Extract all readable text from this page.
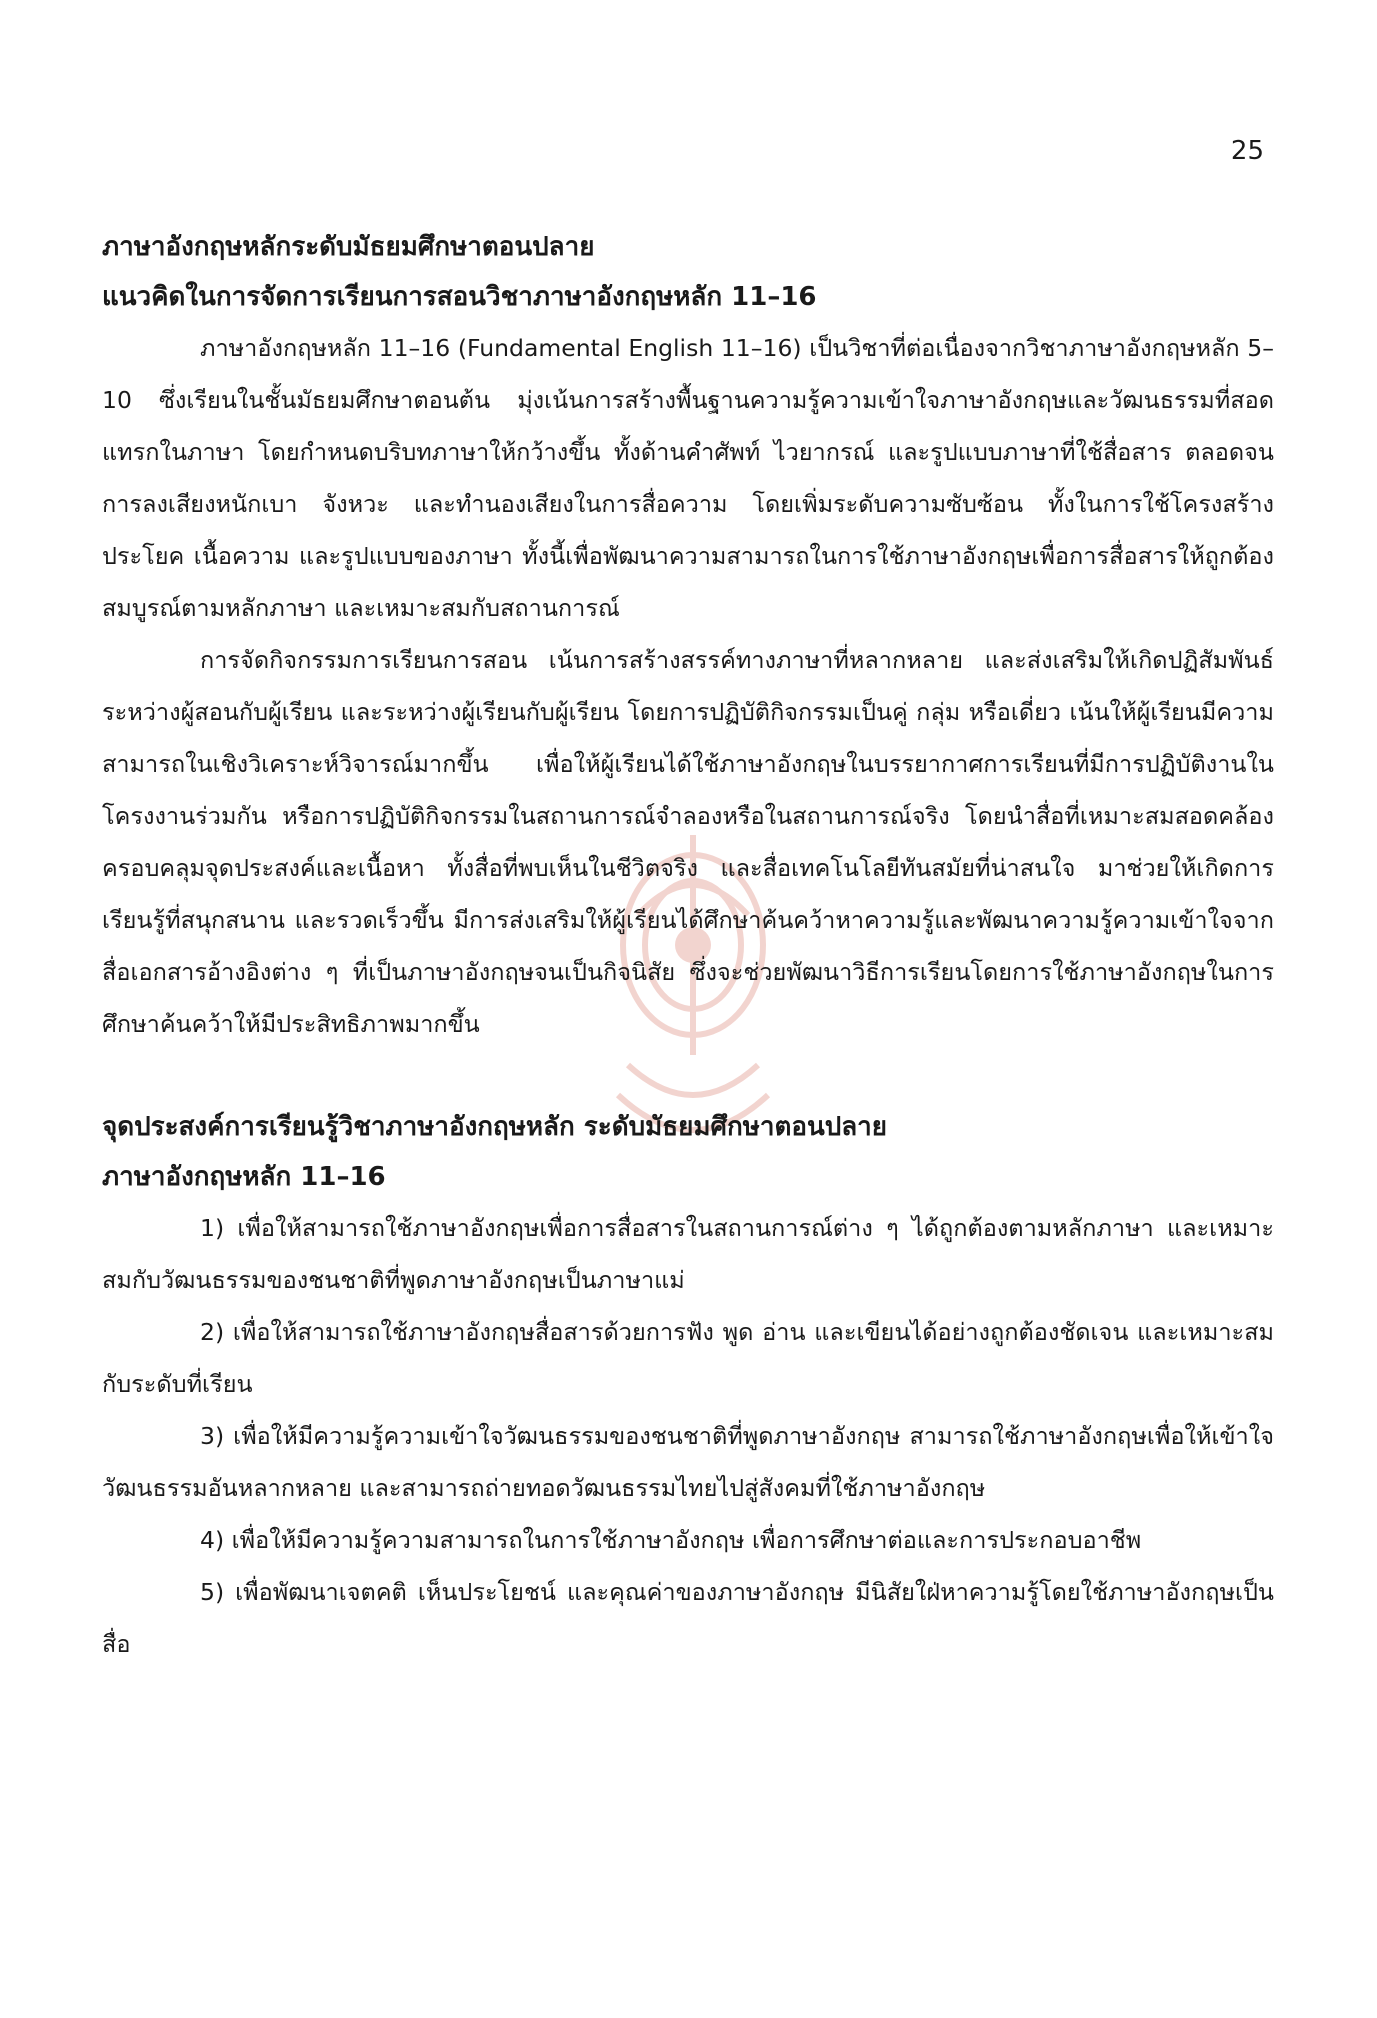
25

ภาษาอังกฤษหลักระดับมัธยมศึกษาตอนปลาย

แนวคิดในการจัดการเรียนการสอนวิชาภาษาอังกฤษหลัก 11–16

ภาษาอังกฤษหลัก 11–16 (Fundamental English 11–16) เป็นวิชาที่ต่อเนื่องจากวิชาภาษาอังกฤษหลัก 5–10 ซึ่งเรียนในชั้นมัธยมศึกษาตอนต้น มุ่งเน้นการสร้างพื้นฐานความรู้ความเข้าใจภาษาอังกฤษและวัฒนธรรมที่สอดแทรกในภาษา โดยกำหนดบริบทภาษาให้กว้างขึ้น ทั้งด้านคำศัพท์ ไวยากรณ์ และรูปแบบภาษาที่ใช้สื่อสาร ตลอดจนการลงเสียงหนักเบา จังหวะ และทำนองเสียงในการสื่อความ โดยเพิ่มระดับความซับซ้อน ทั้งในการใช้โครงสร้างประโยค เนื้อความ และรูปแบบของภาษา ทั้งนี้เพื่อพัฒนาความสามารถในการใช้ภาษาอังกฤษเพื่อการสื่อสารให้ถูกต้องสมบูรณ์ตามหลักภาษา และเหมาะสมกับสถานการณ์

การจัดกิจกรรมการเรียนการสอน เน้นการสร้างสรรค์ทางภาษาที่หลากหลาย และส่งเสริมให้เกิดปฏิสัมพันธ์ระหว่างผู้สอนกับผู้เรียน และระหว่างผู้เรียนกับผู้เรียน โดยการปฏิบัติกิจกรรมเป็นคู่ กลุ่ม หรือเดี่ยว เน้นให้ผู้เรียนมีความสามารถในเชิงวิเคราะห์วิจารณ์มากขึ้น เพื่อให้ผู้เรียนได้ใช้ภาษาอังกฤษในบรรยากาศการเรียนที่มีการปฏิบัติงานในโครงงานร่วมกัน หรือการปฏิบัติกิจกรรมในสถานการณ์จำลองหรือในสถานการณ์จริง โดยนำสื่อที่เหมาะสมสอดคล้องครอบคลุมจุดประสงค์และเนื้อหา ทั้งสื่อที่พบเห็นในชีวิตจริง และสื่อเทคโนโลยีทันสมัยที่น่าสนใจ มาช่วยให้เกิดการเรียนรู้ที่สนุกสนาน และรวดเร็วขึ้น มีการส่งเสริมให้ผู้เรียนได้ศึกษาค้นคว้าหาความรู้และพัฒนาความรู้ความเข้าใจจากสื่อเอกสารอ้างอิงต่าง ๆ ที่เป็นภาษาอังกฤษจนเป็นกิจนิสัย ซึ่งจะช่วยพัฒนาวิธีการเรียนโดยการใช้ภาษาอังกฤษในการศึกษาค้นคว้าให้มีประสิทธิภาพมากขึ้น

จุดประสงค์การเรียนรู้วิชาภาษาอังกฤษหลัก ระดับมัธยมศึกษาตอนปลาย

ภาษาอังกฤษหลัก 11–16

1) เพื่อให้สามารถใช้ภาษาอังกฤษเพื่อการสื่อสารในสถานการณ์ต่าง ๆ ได้ถูกต้องตามหลักภาษา และเหมาะสมกับวัฒนธรรมของชนชาติที่พูดภาษาอังกฤษเป็นภาษาแม่

2) เพื่อให้สามารถใช้ภาษาอังกฤษสื่อสารด้วยการฟัง พูด อ่าน และเขียนได้อย่างถูกต้องชัดเจน และเหมาะสมกับระดับที่เรียน

3) เพื่อให้มีความรู้ความเข้าใจวัฒนธรรมของชนชาติที่พูดภาษาอังกฤษ สามารถใช้ภาษาอังกฤษเพื่อให้เข้าใจวัฒนธรรมอันหลากหลาย และสามารถถ่ายทอดวัฒนธรรมไทยไปสู่สังคมที่ใช้ภาษาอังกฤษ

4) เพื่อให้มีความรู้ความสามารถในการใช้ภาษาอังกฤษ เพื่อการศึกษาต่อและการประกอบอาชีพ

5) เพื่อพัฒนาเจตคติ เห็นประโยชน์ และคุณค่าของภาษาอังกฤษ มีนิสัยใฝ่หาความรู้โดยใช้ภาษาอังกฤษเป็นสื่อ
